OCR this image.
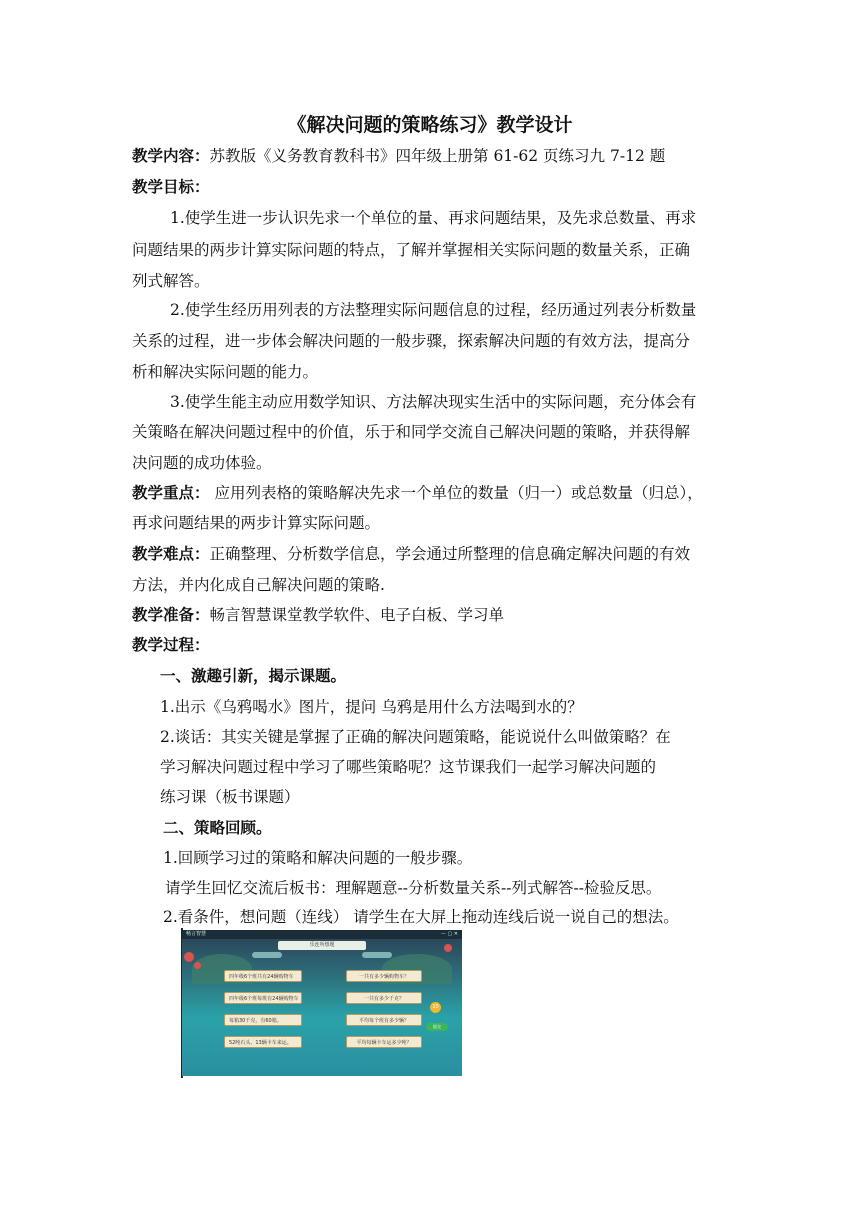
《解决问题的策略练习》教学设计
教学内容：苏教版《义务教育教科书》四年级上册第 61-62 页练习九 7-12 题
教学目标：
1.使学生进一步认识先求一个单位的量、再求问题结果，及先求总数量、再求
问题结果的两步计算实际问题的特点，了解并掌握相关实际问题的数量关系，正确
列式解答。
2.使学生经历用列表的方法整理实际问题信息的过程，经历通过列表分析数量
关系的过程，进一步体会解决问题的一般步骤，探索解决问题的有效方法，提高分
析和解决实际问题的能力。
3.使学生能主动应用数学知识、方法解决现实生活中的实际问题，充分体会有
关策略在解决问题过程中的价值，乐于和同学交流自己解决问题的策略，并获得解
决问题的成功体验。
教学重点： 应用列表格的策略解决先求一个单位的数量（归一）或总数量（归总），
再求问题结果的两步计算实际问题。
教学难点：正确整理、分析数学信息，学会通过所整理的信息确定解决问题的有效
方法，并内化成自己解决问题的策略.
教学准备：畅言智慧课堂教学软件、电子白板、学习单
教学过程：
一、激趣引新，揭示课题。
1.出示《乌鸦喝水》图片，提问 乌鸦是用什么方法喝到水的？
2.谈话：其实关键是掌握了正确的解决问题策略，能说说什么叫做策略？在
学习解决问题过程中学习了哪些策略呢？这节课我们一起学习解决问题的
练习课（板书课题）
二、策略回顾。
1.回顾学习过的策略和解决问题的一般步骤。
请学生回忆交流后板书：理解题意--分析数量关系--列式解答--检验反思。
2.看条件，想问题（连线） 请学生在大屏上拖动连线后说一说自己的想法。
畅言智慧	— ▢ ✕
乐连所想题
四年级6个班共有24辆购物车
四年级6个班每班有24辆购物车
每箱30千克，有60箱。
52吨石头，13辆卡车来运。
一共有多少辆购物车？
一共有多少千克？
平均每个班有多少辆？
平均每辆卡车运多少吨？
10
提交
